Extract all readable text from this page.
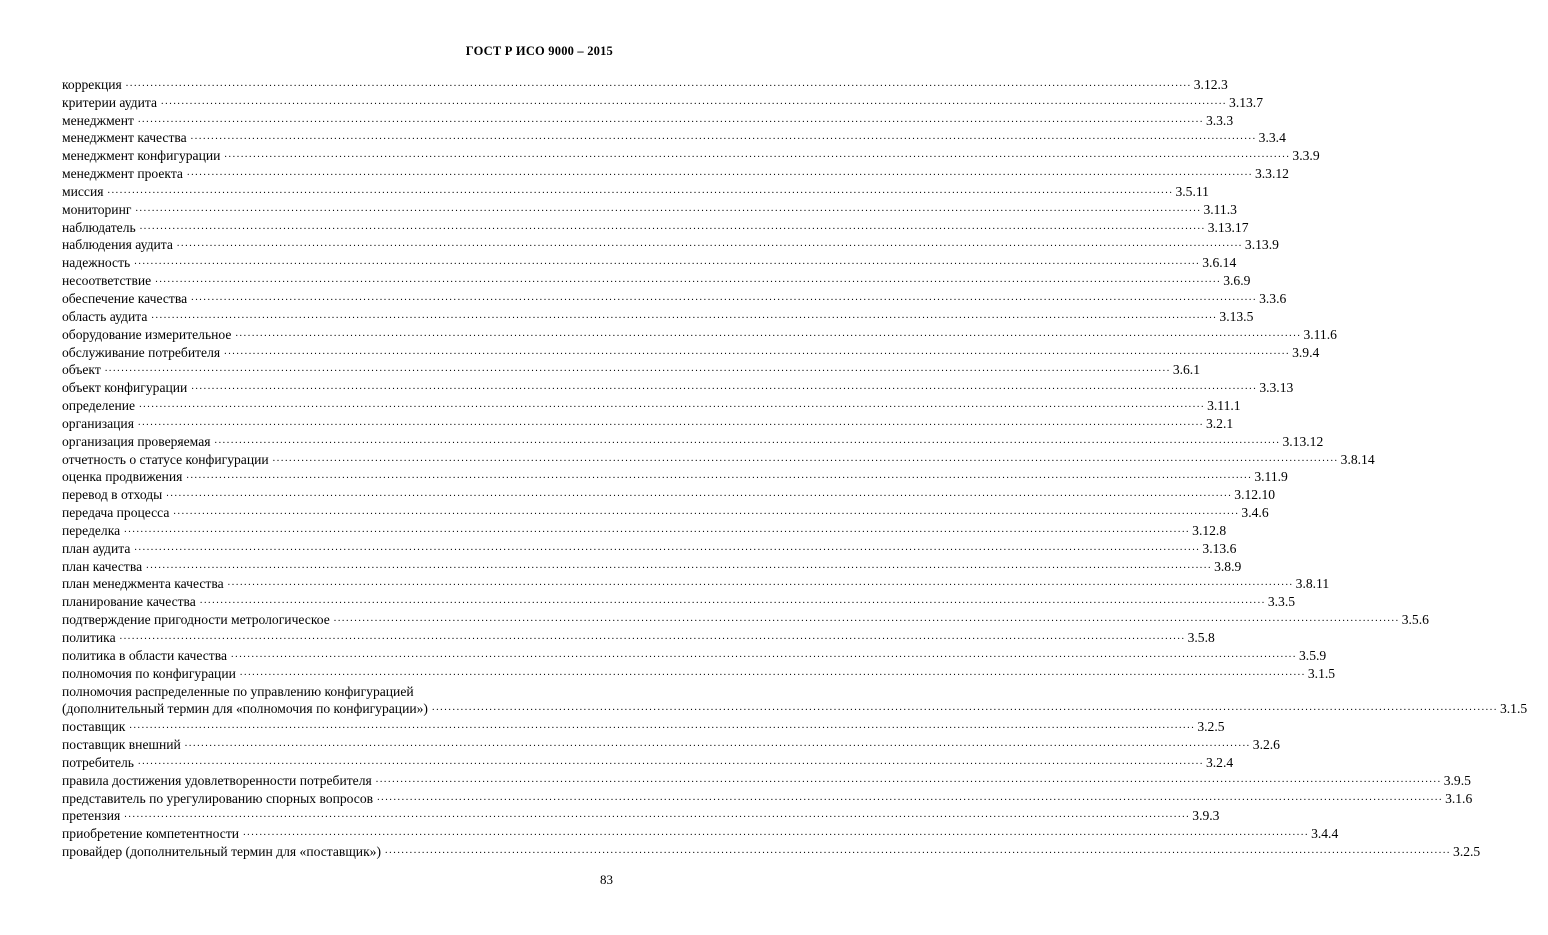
ГОСТ Р ИСО 9000 – 2015
коррекция .................................................................................................................................................................................................................................................................... 3.12.3
критерии аудита .................................................................................................................................................................................................................................................................... 3.13.7
менеджмент .................................................................................................................................................................................................................................................................... 3.3.3
менеджмент качества .................................................................................................................................................................................................................................................................... 3.3.4
менеджмент конфигурации .................................................................................................................................................................................................................................................................... 3.3.9
менеджмент проекта .................................................................................................................................................................................................................................................................... 3.3.12
миссия .................................................................................................................................................................................................................................................................... 3.5.11
мониторинг .................................................................................................................................................................................................................................................................... 3.11.3
наблюдатель .................................................................................................................................................................................................................................................................... 3.13.17
наблюдения аудита .................................................................................................................................................................................................................................................................... 3.13.9
надежность .................................................................................................................................................................................................................................................................... 3.6.14
несоответствие .................................................................................................................................................................................................................................................................... 3.6.9
обеспечение качества .................................................................................................................................................................................................................................................................... 3.3.6
область аудита .................................................................................................................................................................................................................................................................... 3.13.5
оборудование измерительное .................................................................................................................................................................................................................................................................... 3.11.6
обслуживание потребителя .................................................................................................................................................................................................................................................................... 3.9.4
объект .................................................................................................................................................................................................................................................................... 3.6.1
объект конфигурации .................................................................................................................................................................................................................................................................... 3.3.13
определение .................................................................................................................................................................................................................................................................... 3.11.1
организация .................................................................................................................................................................................................................................................................... 3.2.1
организация проверяемая .................................................................................................................................................................................................................................................................... 3.13.12
отчетность о статусе конфигурации .................................................................................................................................................................................................................................................................... 3.8.14
оценка продвижения .................................................................................................................................................................................................................................................................... 3.11.9
перевод в отходы .................................................................................................................................................................................................................................................................... 3.12.10
передача процесса .................................................................................................................................................................................................................................................................... 3.4.6
переделка .................................................................................................................................................................................................................................................................... 3.12.8
план аудита .................................................................................................................................................................................................................................................................... 3.13.6
план качества .................................................................................................................................................................................................................................................................... 3.8.9
план менеджмента качества .................................................................................................................................................................................................................................................................... 3.8.11
планирование качества .................................................................................................................................................................................................................................................................... 3.3.5
подтверждение пригодности метрологическое .................................................................................................................................................................................................................................................................... 3.5.6
политика .................................................................................................................................................................................................................................................................... 3.5.8
политика в области качества .................................................................................................................................................................................................................................................................... 3.5.9
полномочия по конфигурации .................................................................................................................................................................................................................................................................... 3.1.5
полномочия распределенные по управлению конфигурацией
(дополнительный термин для «полномочия по конфигурации») .................................................................................................................................................................................................................................................................... 3.1.5
поставщик .................................................................................................................................................................................................................................................................... 3.2.5
поставщик внешний .................................................................................................................................................................................................................................................................... 3.2.6
потребитель .................................................................................................................................................................................................................................................................... 3.2.4
правила достижения удовлетворенности потребителя .................................................................................................................................................................................................................................................................... 3.9.5
представитель по урегулированию спорных вопросов .................................................................................................................................................................................................................................................................... 3.1.6
претензия .................................................................................................................................................................................................................................................................... 3.9.3
приобретение компетентности .................................................................................................................................................................................................................................................................... 3.4.4
провайдер (дополнительный термин для «поставщик») .................................................................................................................................................................................................................................................................... 3.2.5
83
